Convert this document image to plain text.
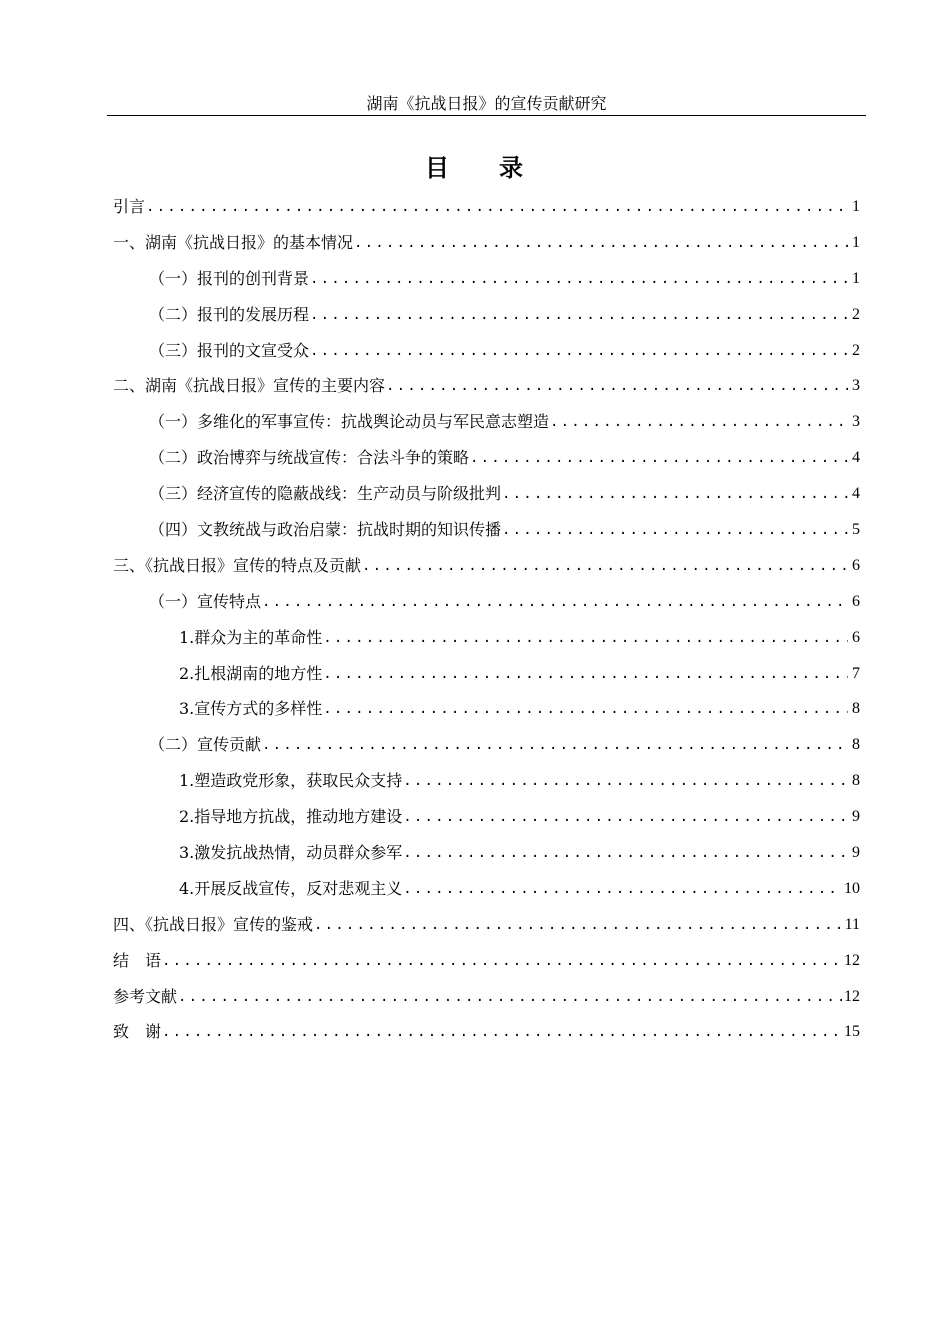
湖南《抗战日报》的宣传贡献研究
目 录
引言 .....	1
一、湖南《抗战日报》的基本情况 .....	1
（一）报刊的创刊背景 .....	1
（二）报刊的发展历程 .....	2
（三）报刊的文宣受众 .....	2
二、湖南《抗战日报》宣传的主要内容 .....	3
（一）多维化的军事宣传：抗战舆论动员与军民意志塑造 .....	3
（二）政治博弈与统战宣传：合法斗争的策略 .....	4
（三）经济宣传的隐蔽战线：生产动员与阶级批判 .....	4
（四）文教统战与政治启蒙：抗战时期的知识传播 .....	5
三、《抗战日报》宣传的特点及贡献 .....	6
（一）宣传特点 .....	6
1.群众为主的革命性 .....	6
2.扎根湖南的地方性 .....	7
3.宣传方式的多样性 .....	8
（二）宣传贡献 .....	8
1.塑造政党形象，获取民众支持 .....	8
2.指导地方抗战，推动地方建设 .....	9
3.激发抗战热情，动员群众参军 .....	9
4.开展反战宣传，反对悲观主义 .....	10
四、《抗战日报》宣传的鉴戒 .....	11
结　语 .....	12
参考文献 .....	12
致　谢 .....	15
